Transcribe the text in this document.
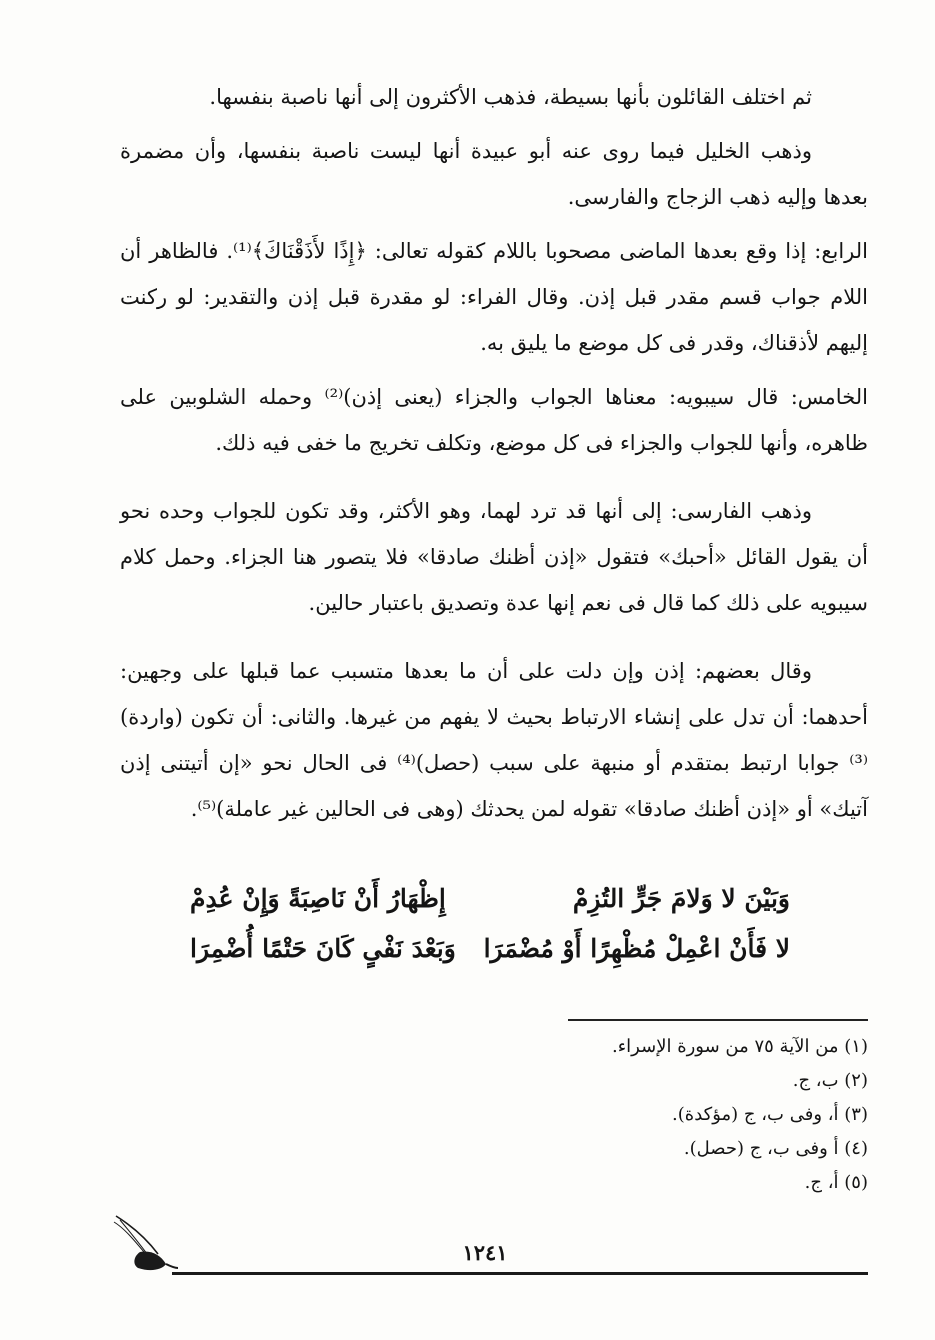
ثم اختلف القائلون بأنها بسيطة، فذهب الأكثرون إلى أنها ناصبة بنفسها.

وذهب الخليل فيما روى عنه أبو عبيدة أنها ليست ناصبة بنفسها، وأن مضمرة بعدها وإليه ذهب الزجاج والفارسى.

الرابع: إذا وقع بعدها الماضى مصحوبا باللام كقوله تعالى: ﴿إِذًا لأَذَقْنَاكَ﴾⁽¹⁾. فالظاهر أن اللام جواب قسم مقدر قبل إذن. وقال الفراء: لو مقدرة قبل إذن والتقدير: لو ركنت إليهم لأذقناك، وقدر فى كل موضع ما يليق به.

الخامس: قال سيبويه: معناها الجواب والجزاء (يعنى إذن)⁽²⁾ وحمله الشلوبين على ظاهره، وأنها للجواب والجزاء فى كل موضع، وتكلف تخريج ما خفى فيه ذلك.

وذهب الفارسى: إلى أنها قد ترد لهما، وهو الأكثر، وقد تكون للجواب وحده نحو أن يقول القائل «أحبك» فتقول «إذن أظنك صادقا» فلا يتصور هنا الجزاء. وحمل كلام سيبويه على ذلك كما قال فى نعم إنها عدة وتصديق باعتبار حالين.

وقال بعضهم: إذن وإن دلت على أن ما بعدها متسبب عما قبلها على وجهين: أحدهما: أن تدل على إنشاء الارتباط بحيث لا يفهم من غيرها. والثانى: أن تكون (واردة)⁽³⁾ جوابا ارتبط بمتقدم أو منبهة على سبب (حصل)⁽⁴⁾ فى الحال نحو «إن أتيتنى إذن آتيك» أو «إذن أظنك صادقا» تقوله لمن يحدثك (وهى فى الحالين غير عاملة)⁽⁵⁾.

وَبَيْنَ لا وَلامَ جَرٍّ التُزِمْ
إِظْهَارُ أَنْ نَاصِبَةً وَإِنْ عُدِمْ
لا فَأَنْ اعْمِلْ مُظْهِرًا أَوْ مُضْمَرَا
وَبَعْدَ نَفْىٍ كَانَ حَتْمًا أُضْمِرَا
(١) من الآية ٧٥ من سورة الإسراء.
(٢) ب، ج.
(٣) أ، وفى ب، ج (مؤكدة).
(٤) أ وفى ب، ج (حصل).
(٥) أ، ج.
١٢٤١
